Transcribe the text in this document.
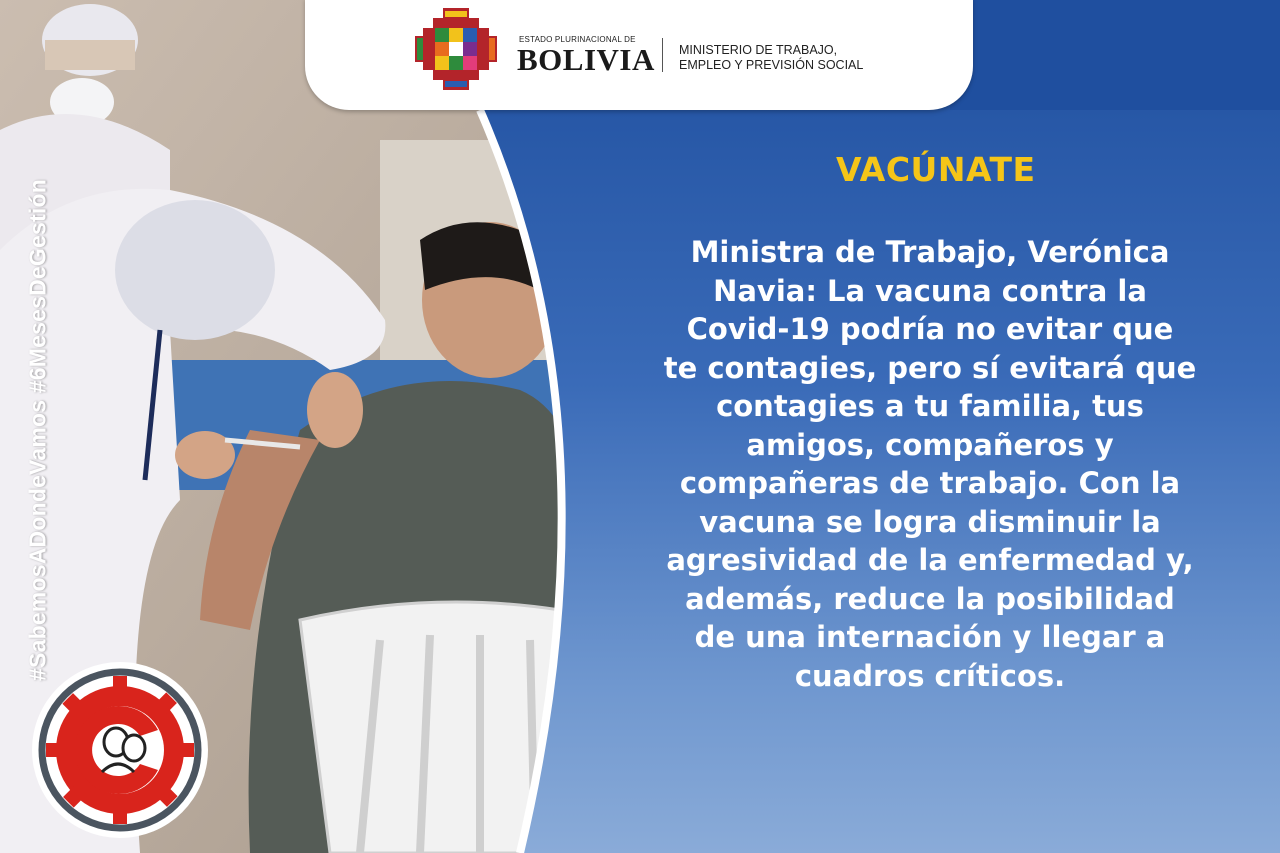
ESTADO PLURINACIONAL DE
BOLIVIA MINISTERIO DE TRABAJO,
EMPLEO Y PREVISIÓN SOCIAL
VACÚNATE
Ministra de Trabajo, Verónica
Navia: La vacuna contra la
Covid-19 podría no evitar que
te contagies, pero sí evitará que
contagies a tu familia, tus
amigos, compañeros y
compañeras de trabajo. Con la
vacuna se logra disminuir la
agresividad de la enfermedad y,
además, reduce la posibilidad
de una internación y llegar a
cuadros críticos.
#SabemosADondeVamos #6MesesDeGestión
